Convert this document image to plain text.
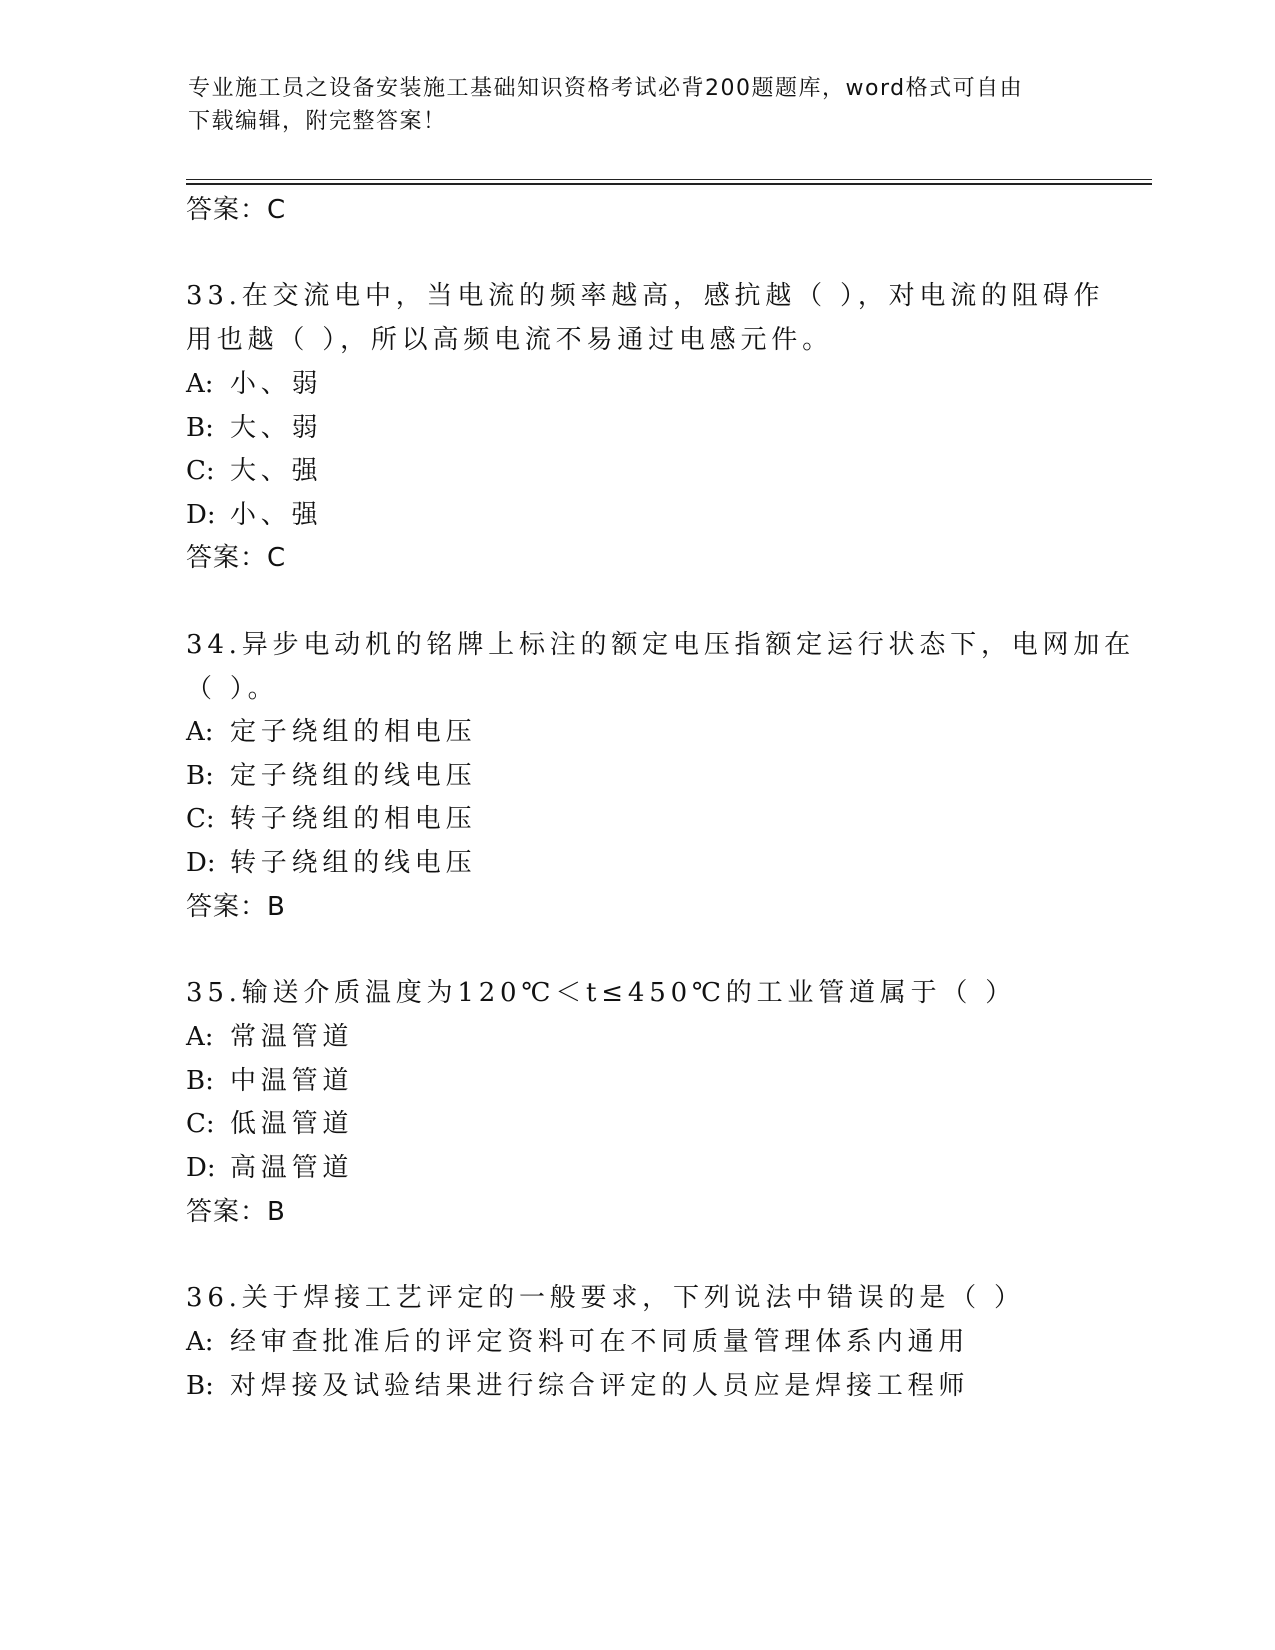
专业施工员之设备安装施工基础知识资格考试必背200题题库，word格式可自由
下载编辑，附完整答案！
答案：C
33.在交流电中，当电流的频率越高，感抗越（ ），对电流的阻碍作
用也越（ ），所以高频电流不易通过电感元件。
A: 小、弱
B: 大、弱
C: 大、强
D: 小、强
答案：C
34.异步电动机的铭牌上标注的额定电压指额定运行状态下，电网加在
（ ）。
A: 定子绕组的相电压
B: 定子绕组的线电压
C: 转子绕组的相电压
D: 转子绕组的线电压
答案：B
35.输送介质温度为120℃＜t≤450℃的工业管道属于（ ）
A: 常温管道
B: 中温管道
C: 低温管道
D: 高温管道
答案：B
36.关于焊接工艺评定的一般要求，下列说法中错误的是（ ）
A: 经审查批准后的评定资料可在不同质量管理体系内通用
B: 对焊接及试验结果进行综合评定的人员应是焊接工程师
